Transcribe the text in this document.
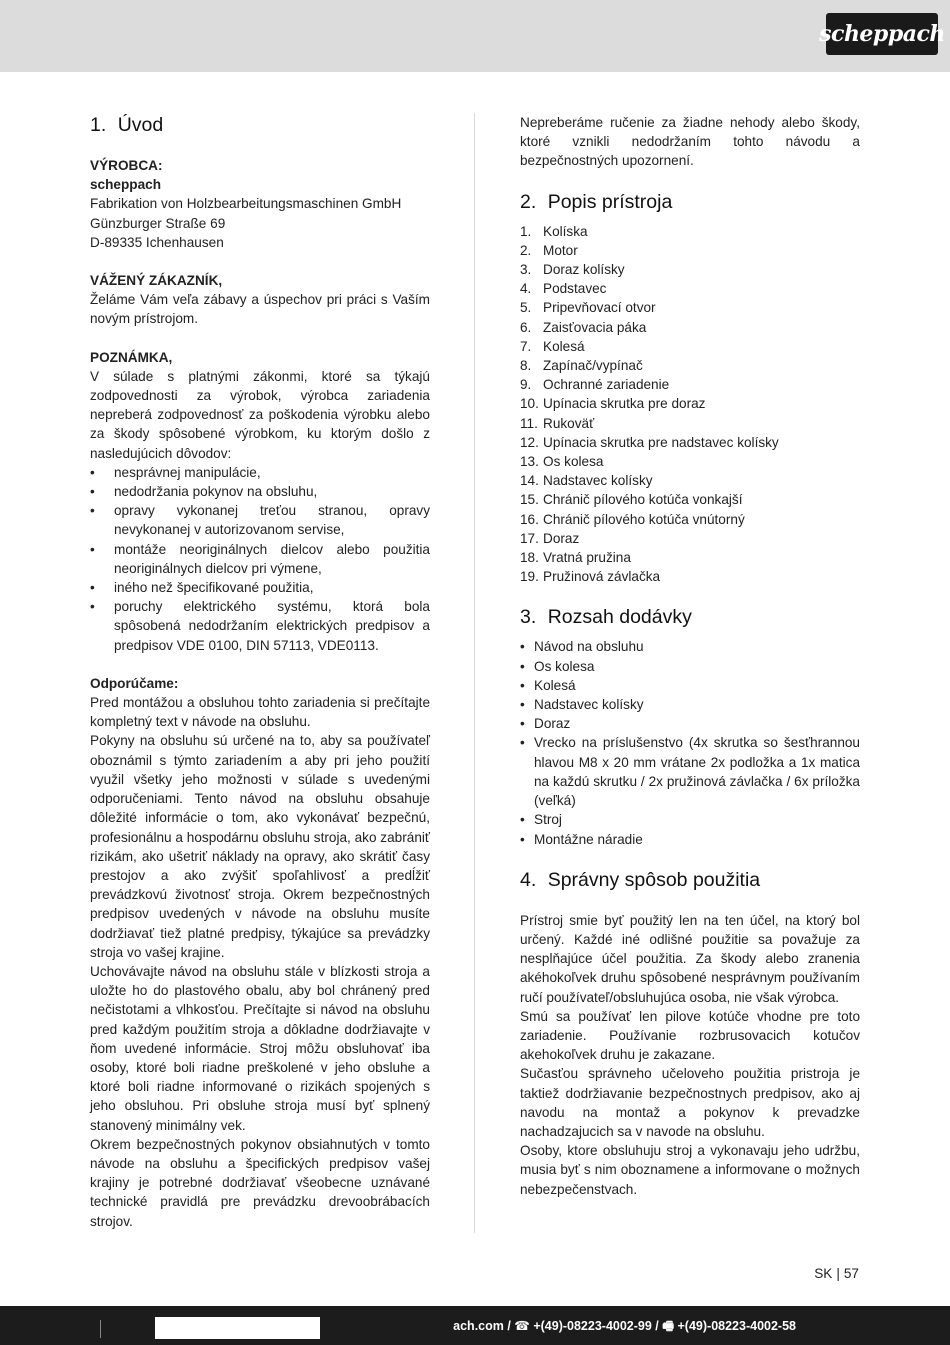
scheppach
1. Úvod
VÝROBCA:
scheppach
Fabrikation von Holzbearbeitungsmaschinen GmbH
Günzburger Straße 69
D-89335 Ichenhausen
VÁŽENÝ ZÁKAZNÍK,

Želáme Vám veľa zábavy a úspechov pri práci s Vaším novým prístrojom.

POZNÁMKA,

V súlade s platnými zákonmi, ktoré sa týkajú zodpovednosti za výrobok, výrobca zariadenia nepreberá zodpovednosť za poškodenia výrobku alebo za škody spôsobené výrobkom, ku ktorým došlo z nasledujúcich dôvodov:

• nesprávnej manipulácie,
• nedodržania pokynov na obsluhu,
• opravy vykonanej treťou stranou, opravy nevykonanej v autorizovanom servise,
• montáže neoriginálnych dielcov alebo použitia neoriginálnych dielcov pri výmene,
• iného než špecifikované použitia,
• poruchy elektrického systému, ktorá bola spôsobená nedodržaním elektrických predpisov a predpisov VDE 0100, DIN 57113, VDE0113.
Odporúčame:

Pred montážou a obsluhou tohto zariadenia si prečítajte kompletný text v návode na obsluhu.

Pokyny na obsluhu sú určené na to, aby sa používateľ oboznámil s týmto zariadením a aby pri jeho použití využil všetky jeho možnosti v súlade s uvedenými odporučeniami. Tento návod na obsluhu obsahuje dôležité informácie o tom, ako vykonávať bezpečnú, profesionálnu a hospodárnu obsluhu stroja, ako zabrániť rizikám, ako ušetriť náklady na opravy, ako skrátiť časy prestojov a ako zvýšiť spoľahlivosť a predĺžiť prevádzkovú životnosť stroja. Okrem bezpečnostných predpisov uvedených v návode na obsluhu musíte dodržiavať tiež platné predpisy, týkajúce sa prevádzky stroja vo vašej krajine.

Uchovávajte návod na obsluhu stále v blízkosti stroja a uložte ho do plastového obalu, aby bol chránený pred nečistotami a vlhkosťou. Prečítajte si návod na obsluhu pred každým použitím stroja a dôkladne dodržiavajte v ňom uvedené informácie. Stroj môžu obsluhovať iba osoby, ktoré boli riadne preškolené v jeho obsluhe a ktoré boli riadne informované o rizikách spojených s jeho obsluhou. Pri obsluhe stroja musí byť splnený stanovený minimálny vek.

Okrem bezpečnostných pokynov obsiahnutých v tomto návode na obsluhu a špecifických predpisov vašej krajiny je potrebné dodržiavať všeobecne uznávané technické pravidlá pre prevádzku drevoobrábacích strojov.

Nepreberáme ručenie za žiadne nehody alebo škody, ktoré vznikli nedodržaním tohto návodu a bezpečnostných upozornení.

2. Popis prístroja
1. Kolíska
2. Motor
3. Doraz kolísky
4. Podstavec
5. Pripevňovací otvor
6. Zaisťovacia páka
7. Kolesá
8. Zapínač/vypínač
9. Ochranné zariadenie
10. Upínacia skrutka pre doraz
11. Rukoväť
12. Upínacia skrutka pre nadstavec kolísky
13. Os kolesa
14. Nadstavec kolísky
15. Chránič pílového kotúča vonkajší
16. Chránič pílového kotúča vnútorný
17. Doraz
18. Vratná pružina
19. Pružinová závlačka
3. Rozsah dodávky
• Návod na obsluhu
• Os kolesa
• Kolesá
• Nadstavec kolísky
• Doraz
• Vrecko na príslušenstvo (4x skrutka so šesťhrannou hlavou M8 x 20 mm vrátane 2x podložka a 1x matica na každú skrutku / 2x pružinová závlačka / 6x príložka (veľká)
• Stroj
• Montážne náradie
4. Správny spôsob použitia

Prístroj smie byť použitý len na ten účel, na ktorý bol určený. Každé iné odlišné použitie sa považuje za nesplňajúce účel použitia. Za škody alebo zranenia akéhokoľvek druhu spôsobené nesprávnym používaním ručí používateľ/obsluhujúca osoba, nie však výrobca.

Smú sa používať len pilove kotúče vhodne pre toto zariadenie. Používanie rozbrusovacich kotučov akehokoľvek druhu je zakazane.

Sučasťou správneho učeloveho použitia pristroja je taktiež dodržiavanie bezpečnostnych predpisov, ako aj navodu na montaž a pokynov k prevadzke nachadzajucich sa v navode na obsluhu.

Osoby, ktore obsluhuju stroj a vykonavaju jeho udržbu, musia byť s nim oboznamene a informovane o možnych nebezpečenstvach.

SK | 57
ach.com / ☎ +(49)-08223-4002-99 / 🖷 +(49)-08223-4002-58
